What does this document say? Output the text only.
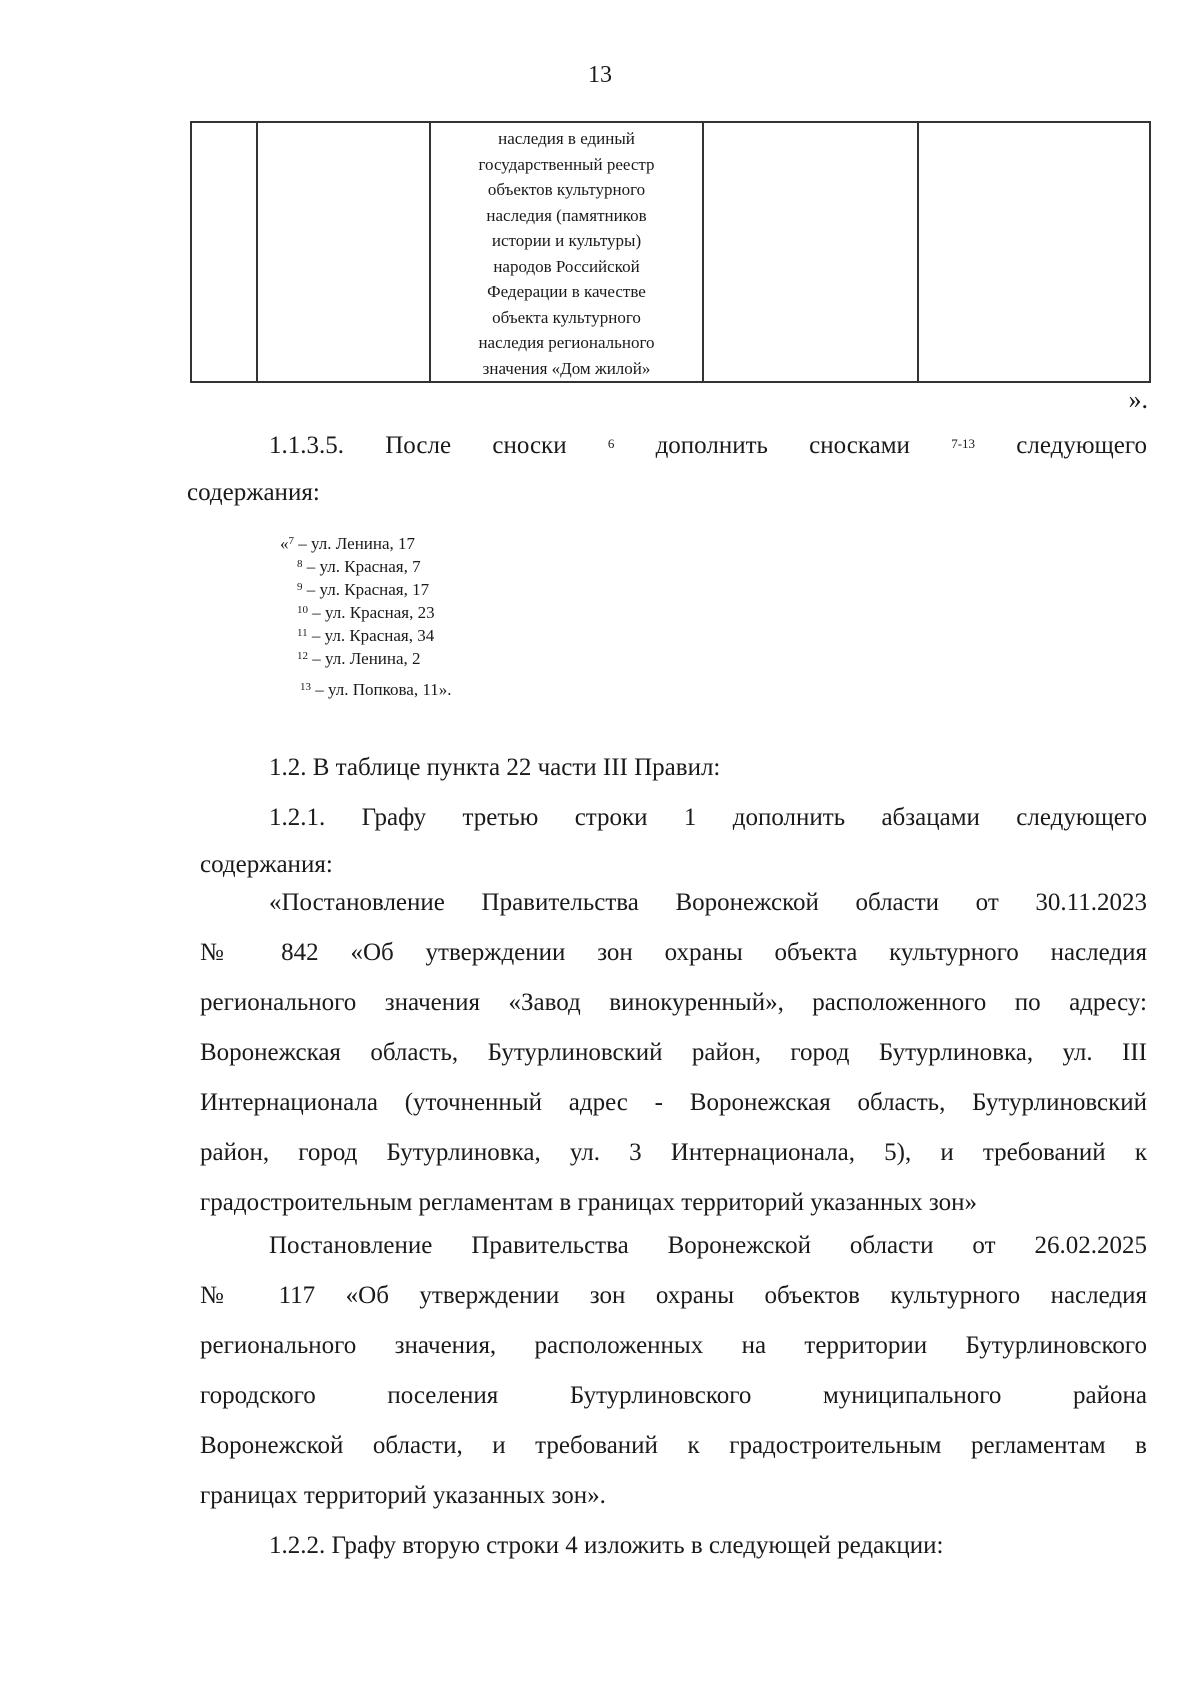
13

наследия в единый
государственный реестр
объектов культурного
наследия (памятников
истории и культуры)
народов Российской
Федерации в качестве
объекта культурного
наследия регионального
значения «Дом жилой»

».
1.1.3.5. После сноски	$^6$ дополнить сносками	$^{7-13}$ следующего
содержания:
«$^7$ – ул. Ленина, 17
$^8$ – ул. Красная, 7
$^9$ – ул. Красная, 17
$^{10}$ – ул. Красная, 23
$^{11}$ – ул. Красная, 34
$^{12}$ – ул. Ленина, 2
$^{13}$ – ул. Попкова, 11».
1.2. В таблице пункта 22 части III Правил:
1.2.1. Графу третью строки 1 дополнить абзацами следующего
содержания:
«Постановление Правительства Воронежской области от 30.11.2023
№ 842 «Об утверждении зон охраны объекта культурного наследия
регионального значения «Завод винокуренный», расположенного по адресу:
Воронежская область, Бутурлиновский район, город Бутурлиновка, ул. III
Интернационала (уточненный адрес - Воронежская область, Бутурлиновский
район, город Бутурлиновка, ул. 3 Интернационала, 5), и требований к
градостроительным регламентам в границах территорий указанных зон»
Постановление Правительства Воронежской области от 26.02.2025
№ 117 «Об утверждении зон охраны объектов культурного наследия
регионального значения, расположенных на территории Бутурлиновского
городского поселения Бутурлиновского муниципального района
Воронежской области, и требований к градостроительным регламентам в
границах территорий указанных зон».
1.2.2. Графу вторую строки 4 изложить в следующей редакции:
